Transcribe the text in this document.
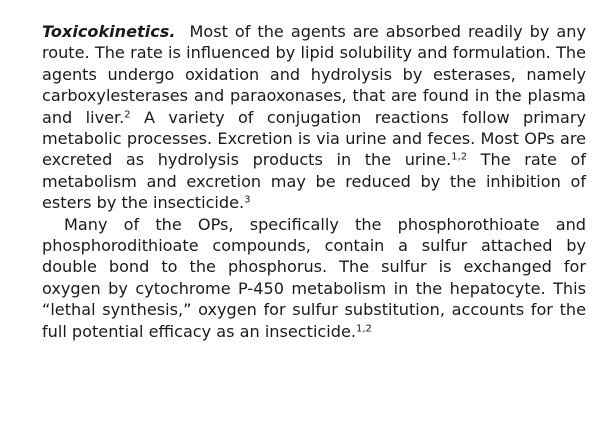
Toxicokinetics. Most of the agents are absorbed readily by any route. The rate is influenced by lipid solubility and formulation. The agents undergo oxidation and hydrolysis by esterases, namely carboxylesterases and paraoxonases, that are found in the plasma and liver.$^2$ A variety of conjugation reactions follow primary metabolic processes. Excretion is via urine and feces. Most OPs are excreted as hydrolysis products in the urine.$^{1,2}$ The rate of metabolism and excretion may be reduced by the inhibition of esters by the insecticide.$^3$

Many of the OPs, specifically the phosphorothioate and phosphorodithioate compounds, contain a sulfur attached by double bond to the phosphorus. The sulfur is exchanged for oxygen by cytochrome P-450 metabolism in the hepatocyte. This “lethal synthesis,” oxygen for sulfur substitution, accounts for the full potential efficacy as an insecticide.$^{1,2}$
